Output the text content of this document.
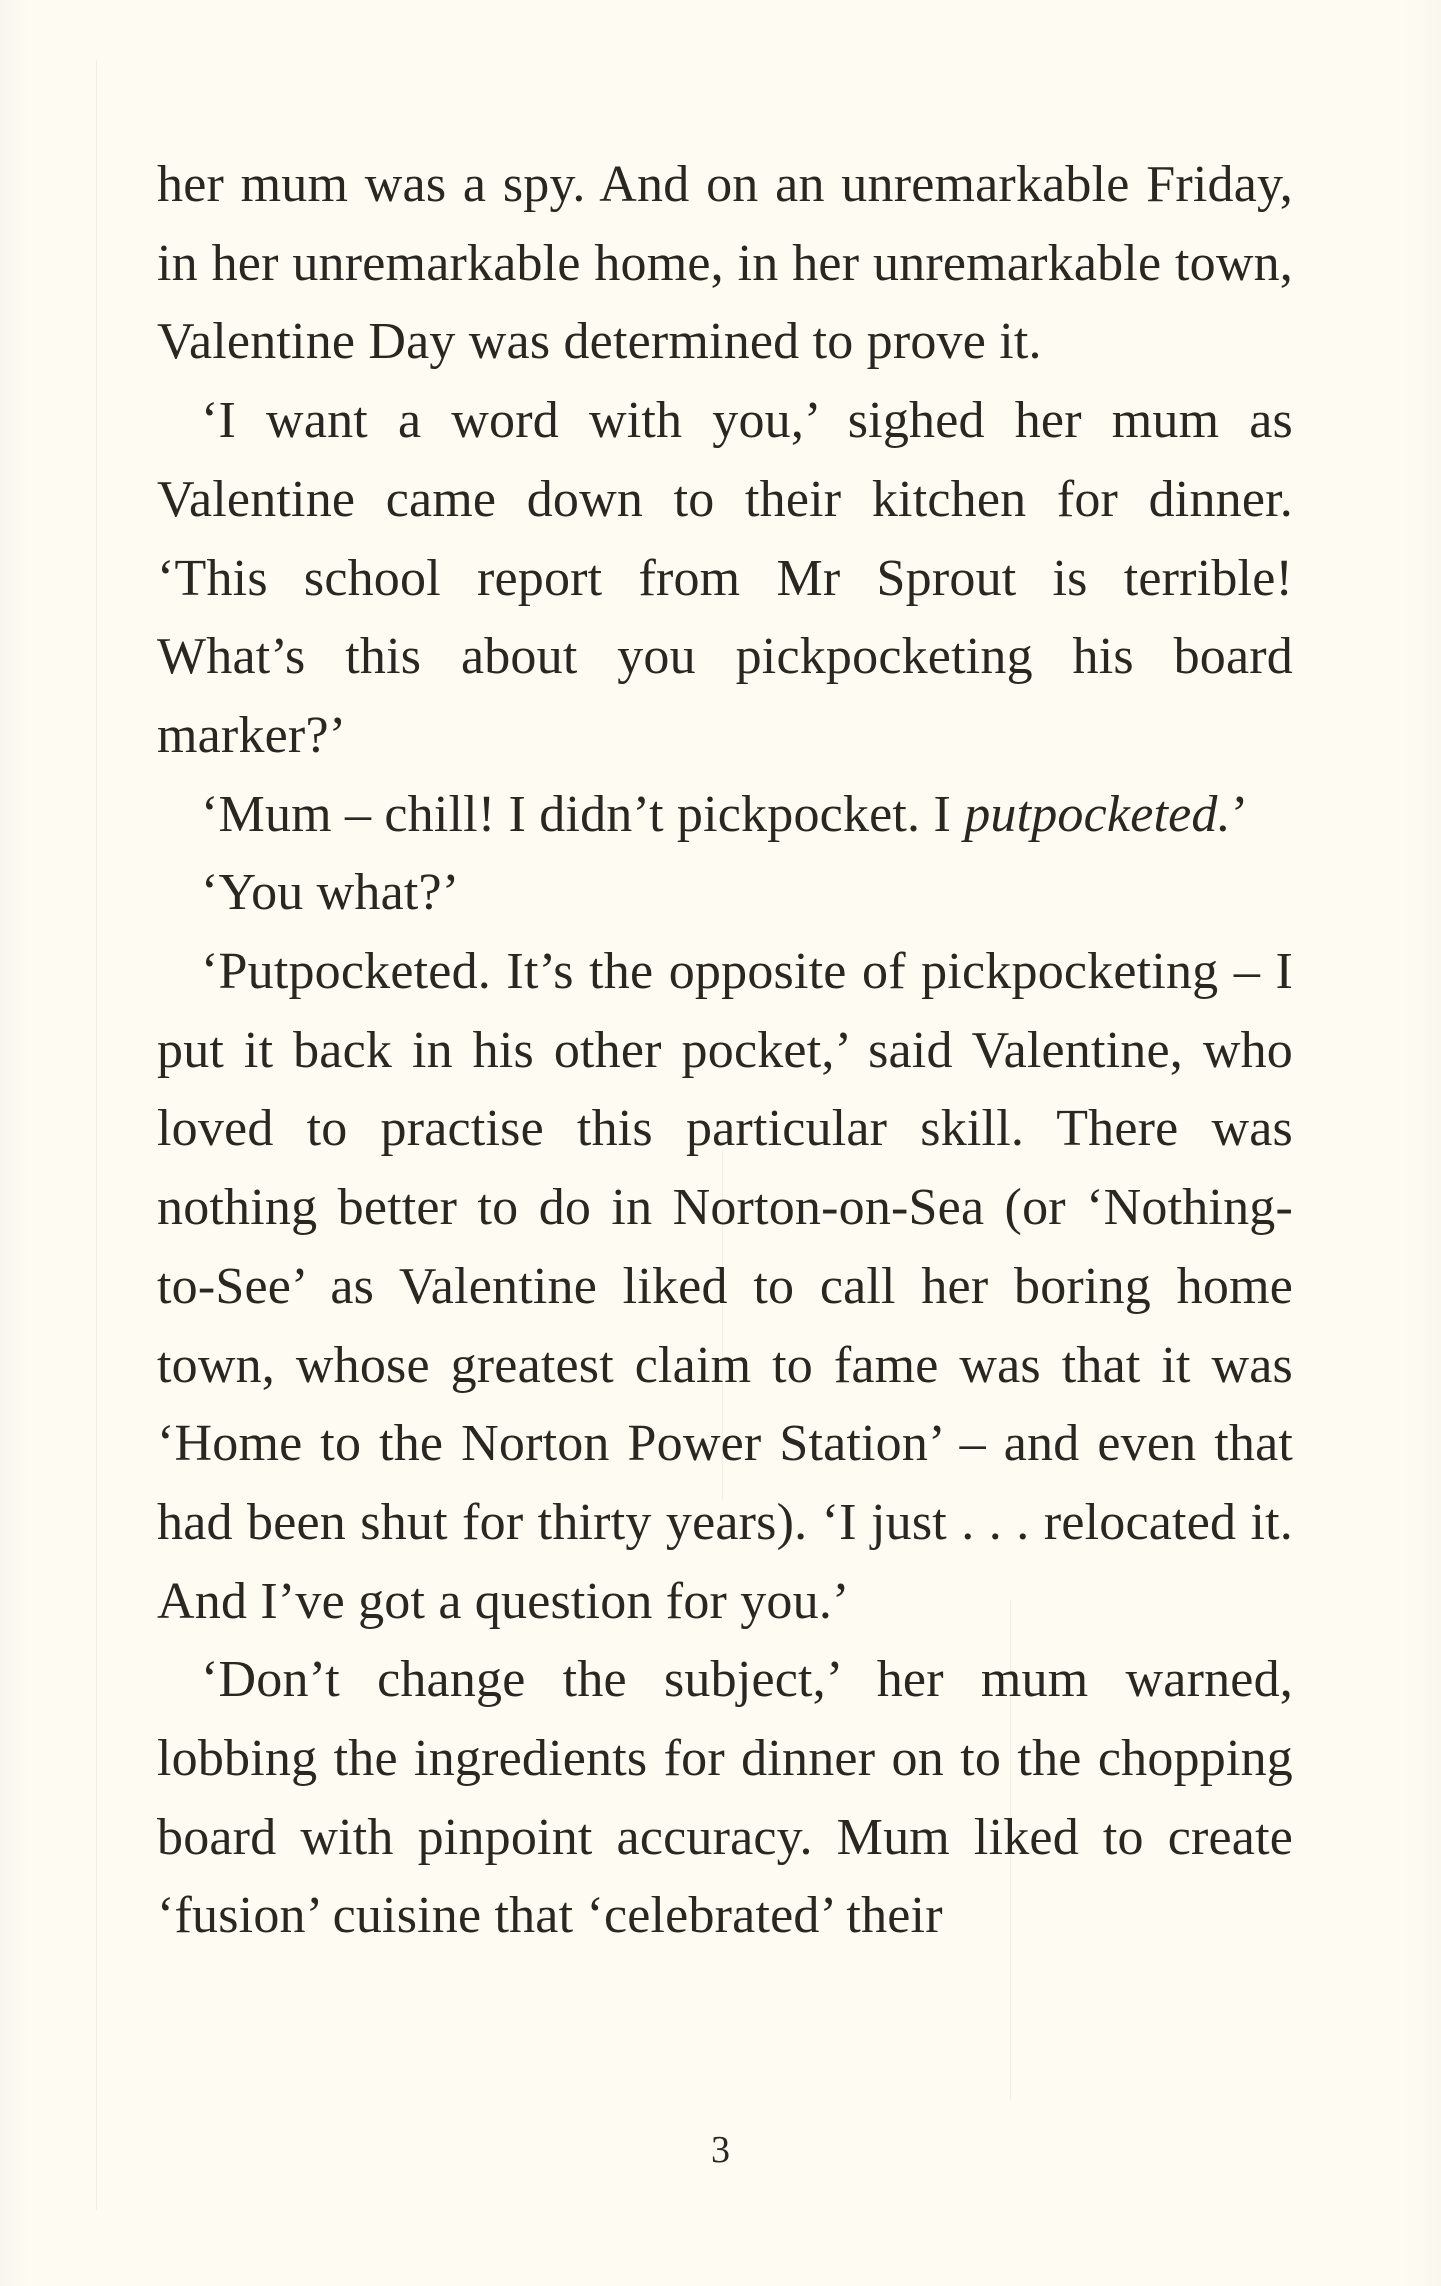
her mum was a spy. And on an unremarkable Friday, in her unremarkable home, in her unremarkable town, Valentine Day was determined to prove it.

‘I want a word with you,’ sighed her mum as Valentine came down to their kitchen for dinner. ‘This school report from Mr Sprout is terrible! What’s this about you pickpocketing his board marker?’

‘Mum – chill! I didn’t pickpocket. I putpocketed.’

‘You what?’

‘Putpocketed. It’s the opposite of pickpocketing – I put it back in his other pocket,’ said Valentine, who loved to practise this particular skill. There was nothing better to do in Norton-on-Sea (or ‘Nothing-to-See’ as Valentine liked to call her boring home town, whose greatest claim to fame was that it was ‘Home to the Norton Power Station’ – and even that had been shut for thirty years). ‘I just . . . relocated it. And I’ve got a question for you.’

‘Don’t change the subject,’ her mum warned, lobbing the ingredients for dinner on to the chopping board with pinpoint accuracy. Mum liked to create ‘fusion’ cuisine that ‘celebrated’ their

3
